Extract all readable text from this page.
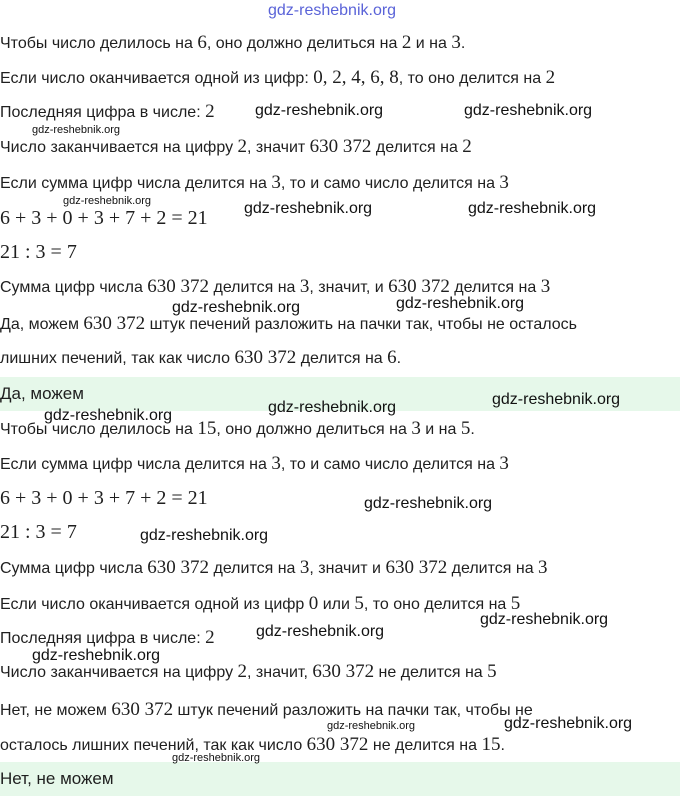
gdz-reshebnik.org
Чтобы число делилось на 6, оно должно делиться на 2 и на 3.
Если число оканчивается одной из цифр: 0, 2, 4, 6, 8, то оно делится на 2
Последняя цифра в числе: 2
Число заканчивается на цифру 2, значит 630 372 делится на 2
Если сумма цифр числа делится на 3, то и само число делится на 3
6 + 3 + 0 + 3 + 7 + 2 = 21
21 : 3 = 7
Сумма цифр числа 630 372 делится на 3, значит, и 630 372 делится на 3
Да, можем 630 372 штук печений разложить на пачки так, чтобы не осталось
лишних печений, так как число 630 372 делится на 6.
Да, можем
Чтобы число делилось на 15, оно должно делиться на 3 и на 5.
Если сумма цифр числа делится на 3, то и само число делится на 3
6 + 3 + 0 + 3 + 7 + 2 = 21
21 : 3 = 7
Сумма цифр числа 630 372 делится на 3, значит и 630 372 делится на 3
Если число оканчивается одной из цифр 0 или 5, то оно делится на 5
Последняя цифра в числе: 2
Число заканчивается на цифру 2, значит, 630 372 не делится на 5
Нет, не можем 630 372 штук печений разложить на пачки так, чтобы не
осталось лишних печений, так как число 630 372 не делится на 15.
Нет, не можем
gdz-reshebnik.org	gdz-reshebnik.org
gdz-reshebnik.org
gdz-reshebnik.org	gdz-reshebnik.org	gdz-reshebnik.org
gdz-reshebnik.org
gdz-reshebnik.org
gdz-reshebnik.org
gdz-reshebnik.org
gdz-reshebnik.org
gdz-reshebnik.org
gdz-reshebnik.org
gdz-reshebnik.org
gdz-reshebnik.org
gdz-reshebnik.org
gdz-reshebnik.org
gdz-reshebnik.org
gdz-reshebnik.org
